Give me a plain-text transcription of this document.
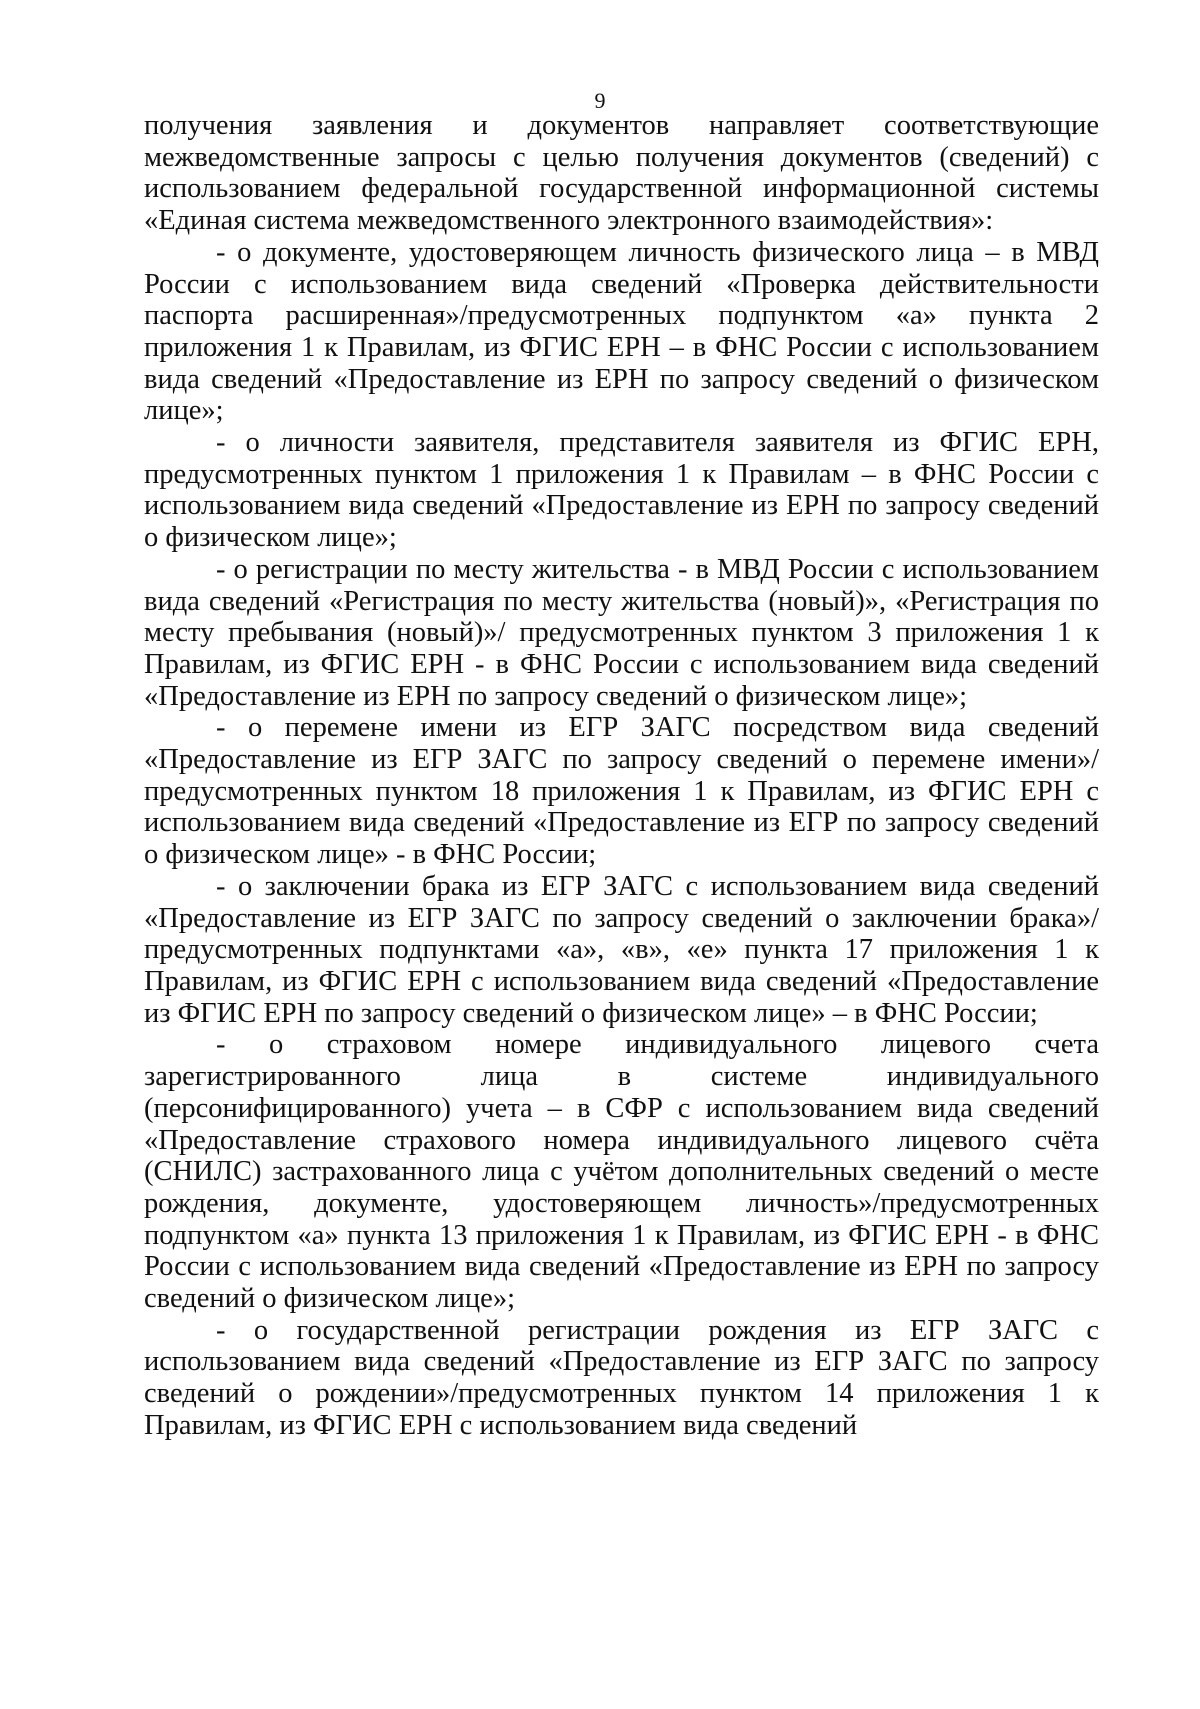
9

получения заявления и документов направляет соответствующие межведомственные запросы с целью получения документов (сведений) с использованием федеральной государственной информационной системы «Единая система межведомственного электронного взаимодействия»:

- о документе, удостоверяющем личность физического лица – в МВД России с использованием вида сведений «Проверка действительности паспорта расширенная»/предусмотренных подпунктом «а» пункта 2 приложения 1 к Правилам, из ФГИС ЕРН – в ФНС России с использованием вида сведений «Предоставление из ЕРН по запросу сведений о физическом лице»;

- о личности заявителя, представителя заявителя из ФГИС ЕРН, предусмотренных пунктом 1 приложения 1 к Правилам – в ФНС России с использованием вида сведений «Предоставление из ЕРН по запросу сведений о физическом лице»;

- о регистрации по месту жительства - в МВД России с использованием вида сведений «Регистрация по месту жительства (новый)», «Регистрация по месту пребывания (новый)»/ предусмотренных пунктом 3 приложения 1 к Правилам, из ФГИС ЕРН - в ФНС России с использованием вида сведений «Предоставление из ЕРН по запросу сведений о физическом лице»;

- о перемене имени из ЕГР ЗАГС посредством вида сведений «Предоставление из ЕГР ЗАГС по запросу сведений о перемене имени»/предусмотренных пунктом 18 приложения 1 к Правилам, из ФГИС ЕРН с использованием вида сведений «Предоставление из ЕГР по запросу сведений о физическом лице» - в ФНС России;

- о заключении брака из ЕГР ЗАГС с использованием вида сведений «Предоставление из ЕГР ЗАГС по запросу сведений о заключении брака»/предусмотренных подпунктами «а», «в», «е» пункта 17 приложения 1 к Правилам, из ФГИС ЕРН с использованием вида сведений «Предоставление из ФГИС ЕРН по запросу сведений о физическом лице» – в ФНС России;

- о страховом номере индивидуального лицевого счета зарегистрированного лица в системе индивидуального (персонифицированного) учета – в СФР с использованием вида сведений «Предоставление страхового номера индивидуального лицевого счёта (СНИЛС) застрахованного лица с учётом дополнительных сведений о месте рождения, документе, удостоверяющем личность»/предусмотренных подпунктом «а» пункта 13 приложения 1 к Правилам, из ФГИС ЕРН - в ФНС России с использованием вида сведений «Предоставление из ЕРН по запросу сведений о физическом лице»;

- о государственной регистрации рождения из ЕГР ЗАГС с использованием вида сведений «Предоставление из ЕГР ЗАГС по запросу сведений о рождении»/предусмотренных пунктом 14 приложения 1 к Правилам, из ФГИС ЕРН с использованием вида сведений
